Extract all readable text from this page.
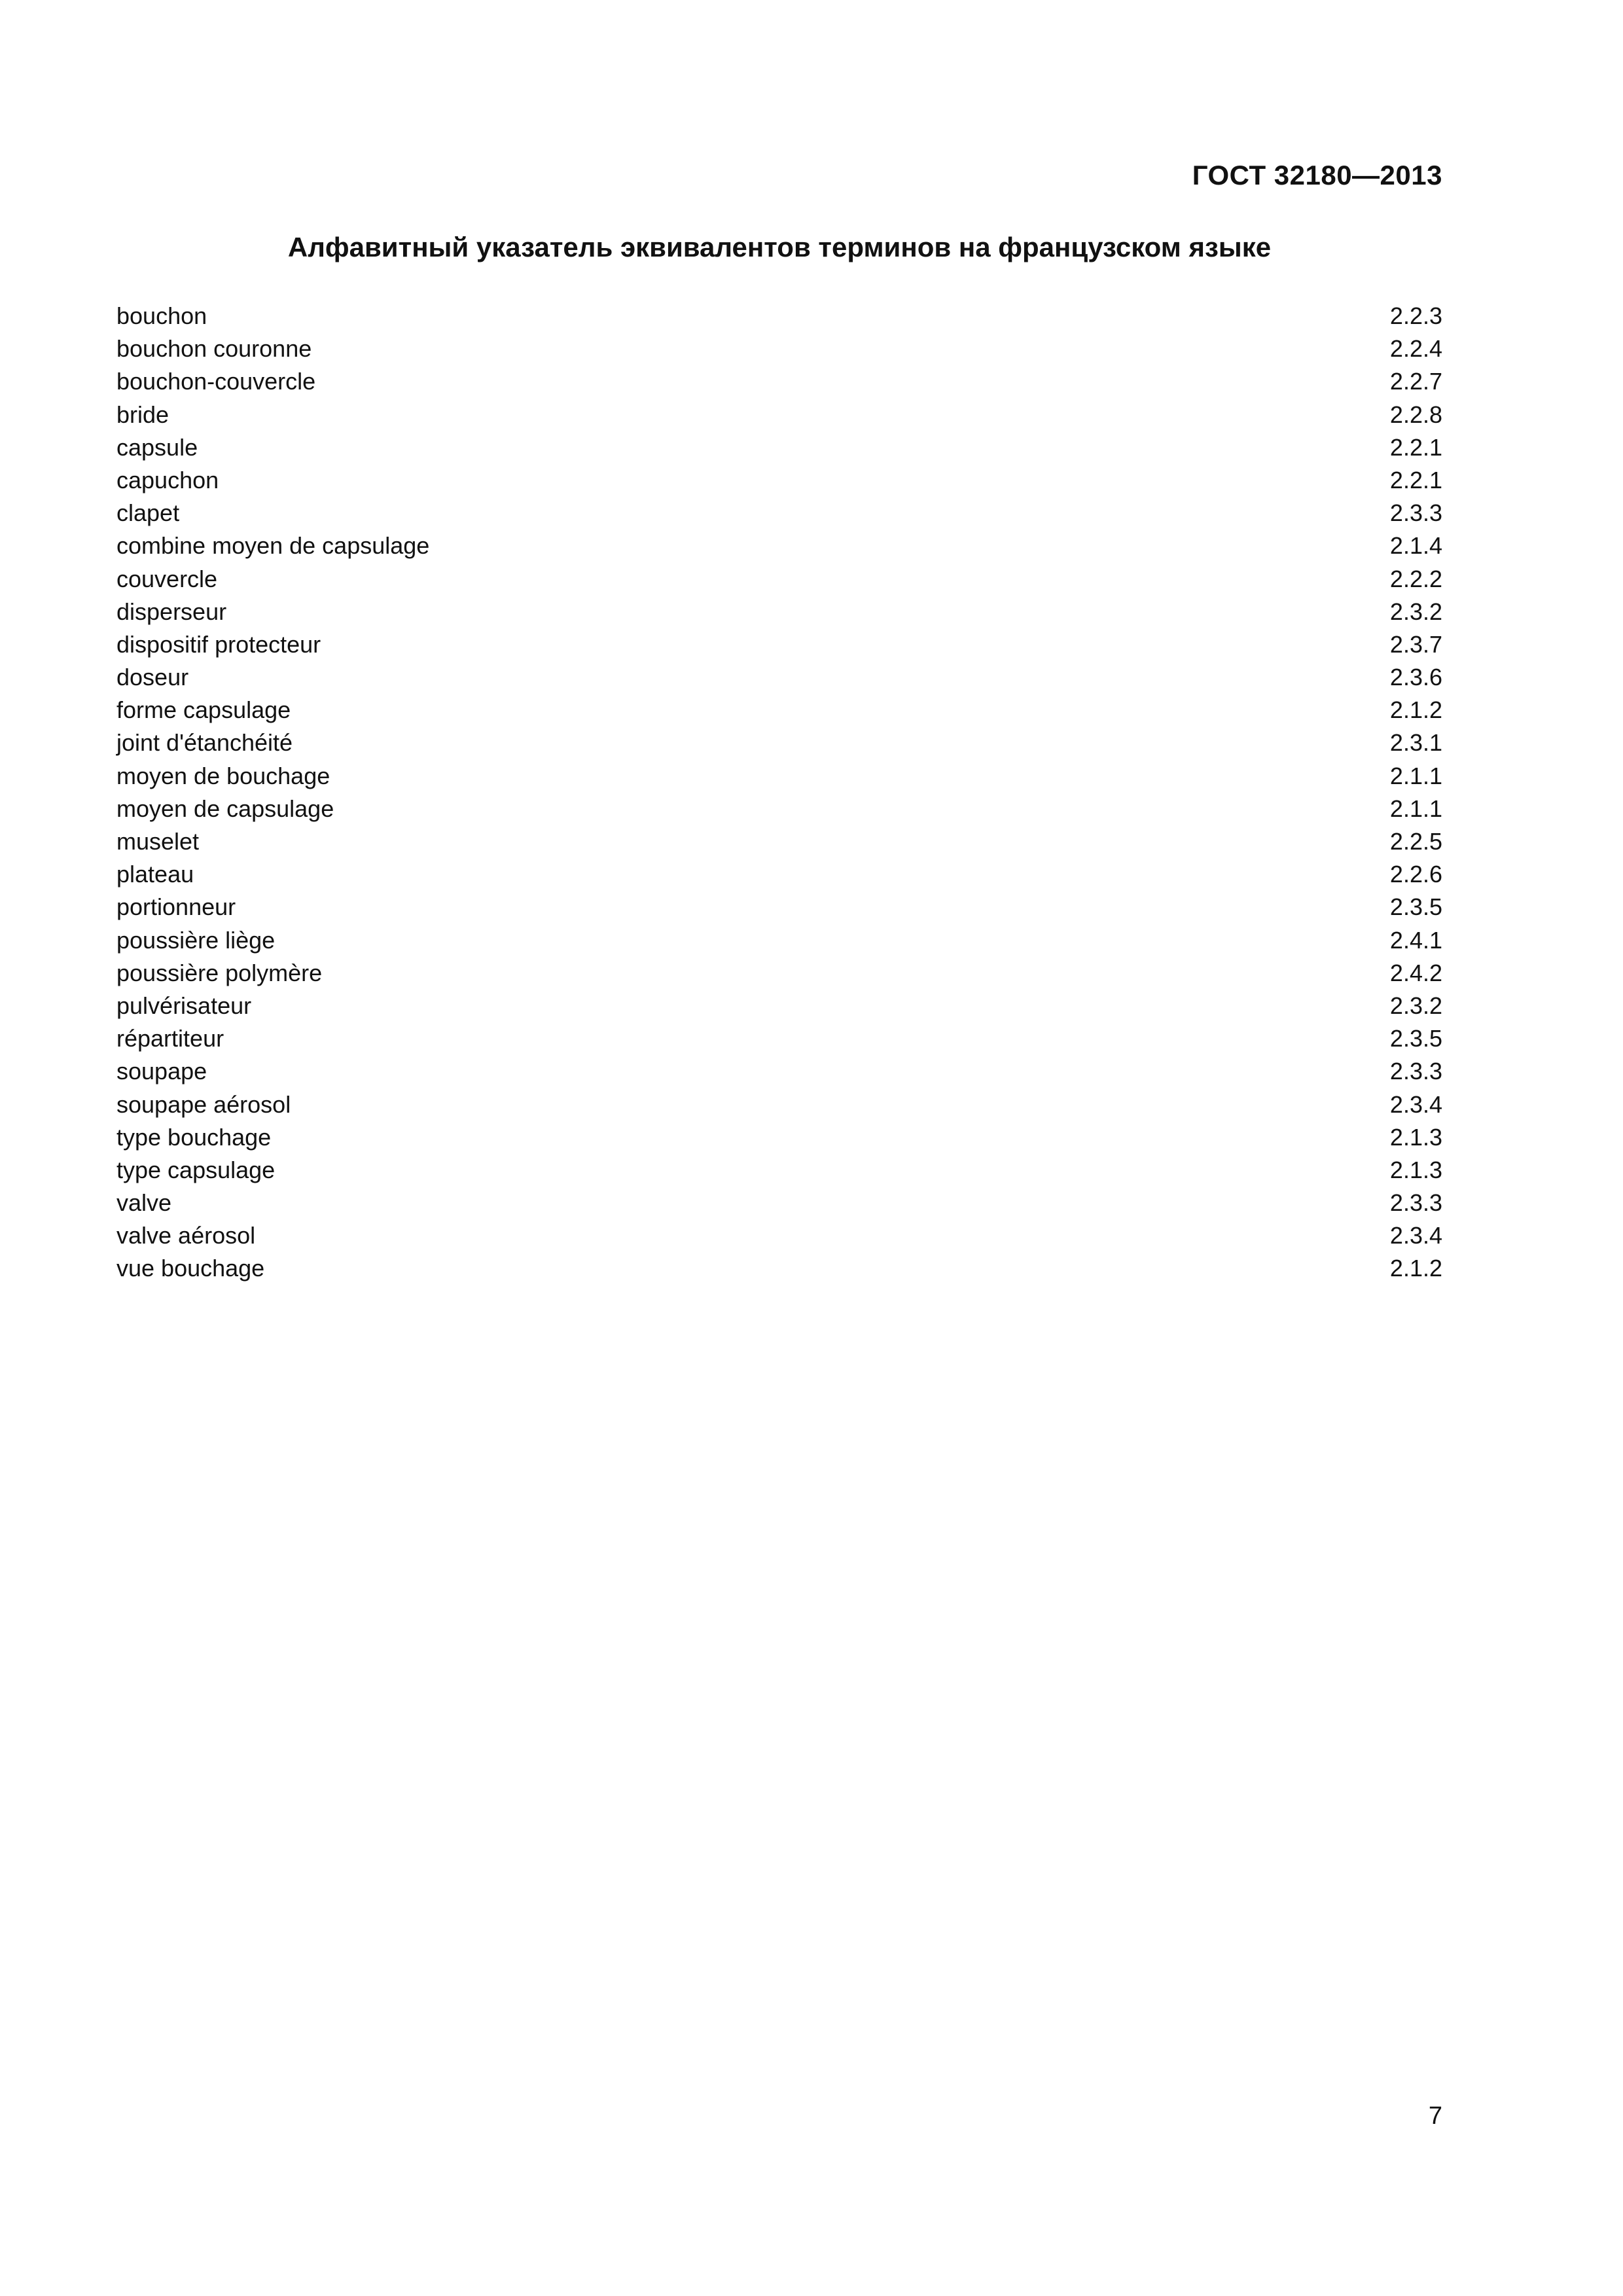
ГОСТ 32180—2013
Алфавитный указатель эквивалентов терминов на французском языке
bouchon	2.2.3
bouchon couronne	2.2.4
bouchon-couvercle	2.2.7
bride	2.2.8
capsule	2.2.1
capuchon	2.2.1
clapet	2.3.3
combine moyen de capsulage	2.1.4
couvercle	2.2.2
disperseur	2.3.2
dispositif protecteur	2.3.7
doseur	2.3.6
forme capsulage	2.1.2
joint d'étanchéité	2.3.1
moyen de bouchage	2.1.1
moyen de capsulage	2.1.1
muselet	2.2.5
plateau	2.2.6
portionneur	2.3.5
poussière liège	2.4.1
poussière polymère	2.4.2
pulvérisateur	2.3.2
répartiteur	2.3.5
soupape	2.3.3
soupape aérosol	2.3.4
type bouchage	2.1.3
type capsulage	2.1.3
valve	2.3.3
valve aérosol	2.3.4
vue bouchage	2.1.2
7
